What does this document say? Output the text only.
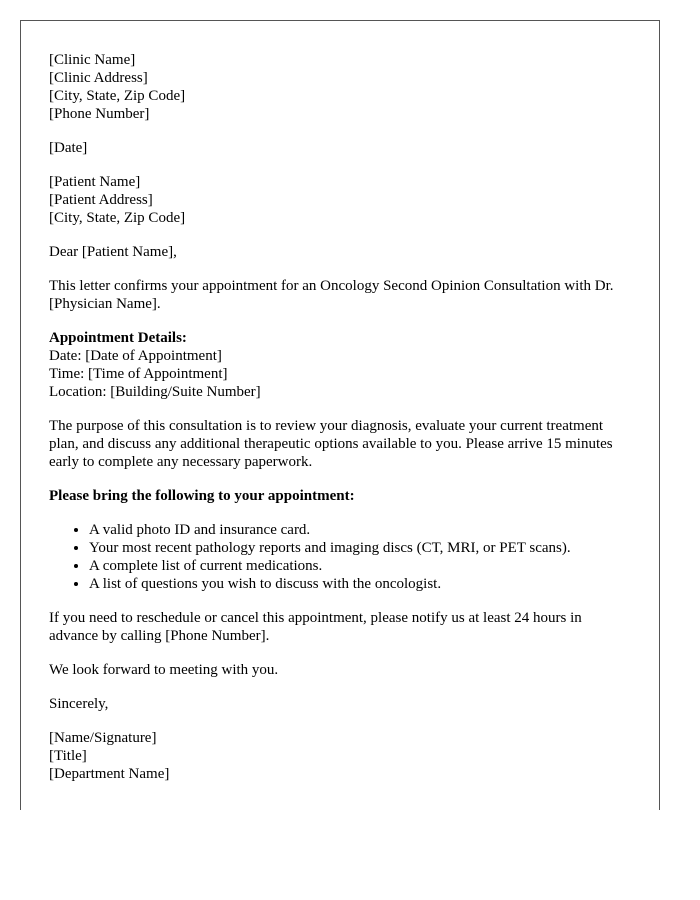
[Clinic Name]
[Clinic Address]
[City, State, Zip Code]
[Phone Number]
[Date]
[Patient Name]
[Patient Address]
[City, State, Zip Code]

Dear [Patient Name],

This letter confirms your appointment for an Oncology Second Opinion Consultation with Dr. [Physician Name].

Appointment Details:
Date: [Date of Appointment]
Time: [Time of Appointment]
Location: [Building/Suite Number]

The purpose of this consultation is to review your diagnosis, evaluate your current treatment plan, and discuss any additional therapeutic options available to you. Please arrive 15 minutes early to complete any necessary paperwork.

Please bring the following to your appointment:

• A valid photo ID and insurance card.
• Your most recent pathology reports and imaging discs (CT, MRI, or PET scans).
• A complete list of current medications.
• A list of questions you wish to discuss with the oncologist.

If you need to reschedule or cancel this appointment, please notify us at least 24 hours in advance by calling [Phone Number].

We look forward to meeting with you.

Sincerely,

[Name/Signature]
[Title]
[Department Name]
